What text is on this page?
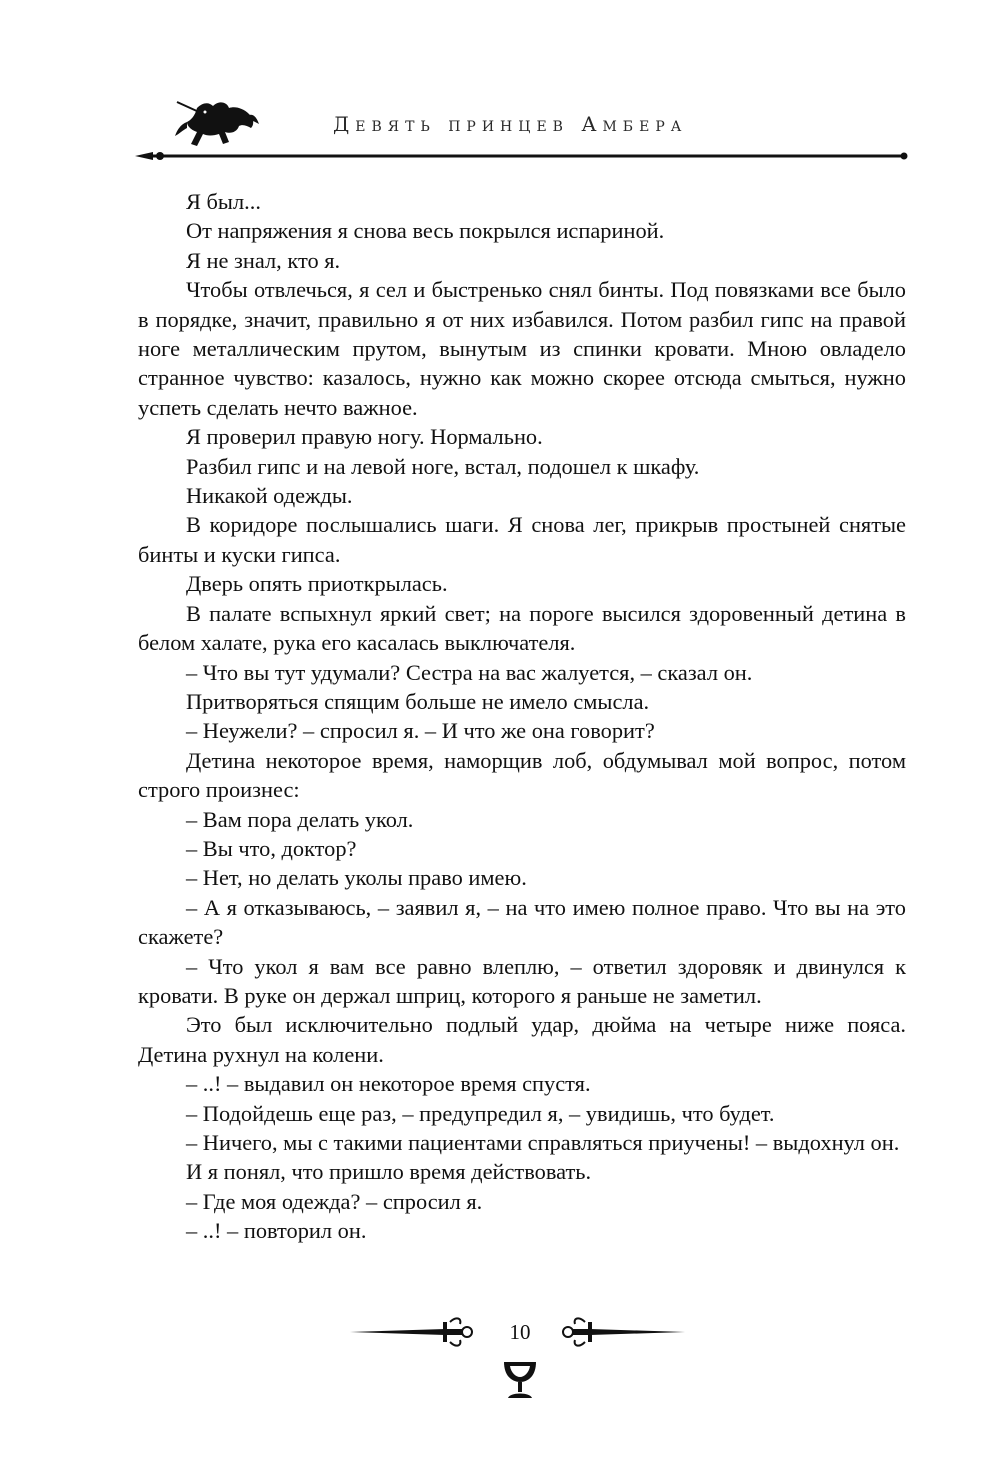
Девять принцев Амбера

Я был...

От напряжения я снова весь покрылся испариной.

Я не знал, кто я.

Чтобы отвлечься, я сел и быстренько снял бинты. Под повязками все было в порядке, значит, правильно я от них избавился. Потом разбил гипс на правой ноге металлическим прутом, вынутым из спинки кровати. Мною овладело странное чувство: казалось, нужно как можно скорее отсюда смыться, нужно успеть сделать нечто важное.

Я проверил правую ногу. Нормально.

Разбил гипс и на левой ноге, встал, подошел к шкафу.

Никакой одежды.

В коридоре послышались шаги. Я снова лег, прикрыв простыней снятые бинты и куски гипса.

Дверь опять приоткрылась.

В палате вспыхнул яркий свет; на пороге высился здоровенный детина в белом халате, рука его касалась выключателя.

– Что вы тут удумали? Сестра на вас жалуется, – сказал он.

Притворяться спящим больше не имело смысла.

– Неужели? – спросил я. – И что же она говорит?

Детина некоторое время, наморщив лоб, обдумывал мой вопрос, потом строго произнес:

– Вам пора делать укол.

– Вы что, доктор?

– Нет, но делать уколы право имею.

– А я отказываюсь, – заявил я, – на что имею полное право. Что вы на это скажете?

– Что укол я вам все равно влеплю, – ответил здоровяк и двинулся к кровати. В руке он держал шприц, которого я раньше не заметил.

Это был исключительно подлый удар, дюйма на четыре ниже пояса. Детина рухнул на колени.

– ..! – выдавил он некоторое время спустя.

– Подойдешь еще раз, – предупредил я, – увидишь, что будет.

– Ничего, мы с такими пациентами справляться приучены! – выдохнул он.

И я понял, что пришло время действовать.

– Где моя одежда? – спросил я.

– ..! – повторил он.

10
